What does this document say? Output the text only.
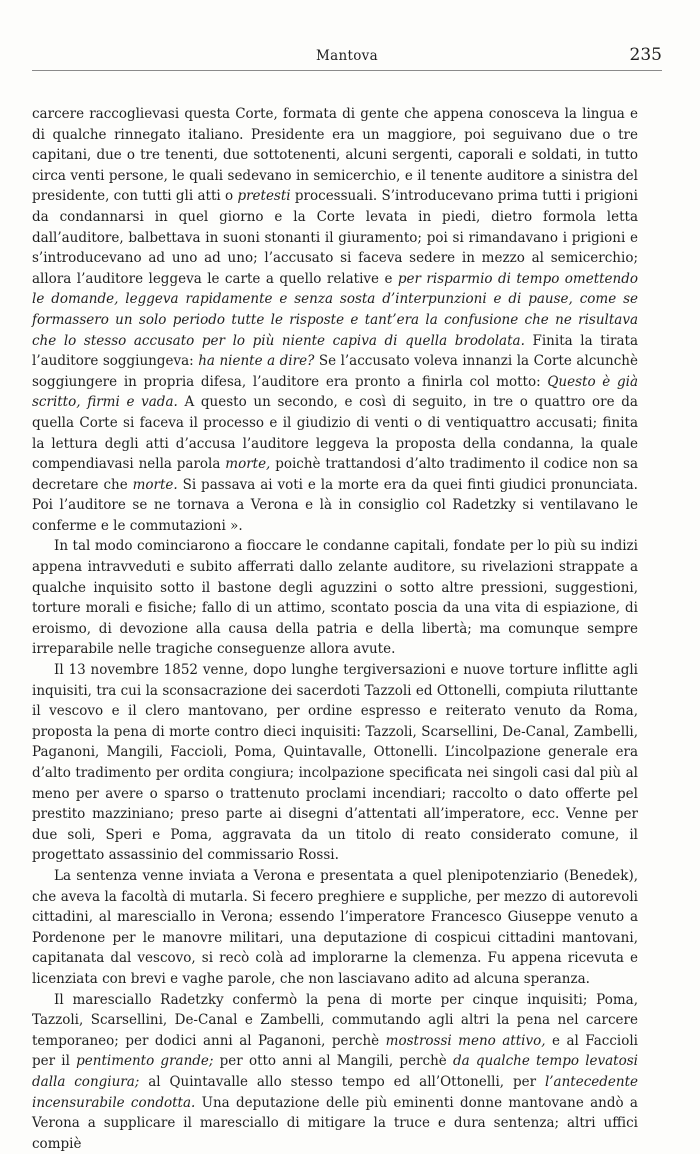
Mantova	235

carcere raccoglievasi questa Corte, formata di gente che appena conosceva la lingua e di qualche rinnegato italiano. Presidente era un maggiore, poi seguivano due o tre capitani, due o tre tenenti, due sottotenenti, alcuni sergenti, caporali e soldati, in tutto circa venti persone, le quali sedevano in semicerchio, e il tenente auditore a sinistra del presidente, con tutti gli atti o pretesti processuali. S’introducevano prima tutti i prigioni da condannarsi in quel giorno e la Corte levata in piedi, dietro formola letta dall’auditore, balbettava in suoni stonanti il giuramento; poi si rimandavano i prigioni e s’introducevano ad uno ad uno; l’accusato si faceva sedere in mezzo al semicerchio; allora l’auditore leggeva le carte a quello relative e per risparmio di tempo omettendo le domande, leggeva rapidamente e senza sosta d’interpunzioni e di pause, come se formassero un solo periodo tutte le risposte e tant’era la confusione che ne risultava che lo stesso accusato per lo più niente capiva di quella brodolata. Finita la tirata l’auditore soggiungeva: ha niente a dire? Se l’accusato voleva innanzi la Corte alcunchè soggiungere in propria difesa, l’auditore era pronto a finirla col motto: Questo è già scritto, firmi e vada. A questo un secondo, e così di seguito, in tre o quattro ore da quella Corte si faceva il processo e il giudizio di venti o di ventiquattro accusati; finita la lettura degli atti d’accusa l’auditore leggeva la proposta della condanna, la quale compendiavasi nella parola morte, poichè trattandosi d’alto tradimento il codice non sa decretare che morte. Si passava ai voti e la morte era da quei finti giudici pronunciata. Poi l’auditore se ne tornava a Verona e là in consiglio col Radetzky si ventilavano le conferme e le commutazioni ».

In tal modo cominciarono a fioccare le condanne capitali, fondate per lo più su indizi appena intravveduti e subito afferrati dallo zelante auditore, su rivelazioni strappate a qualche inquisito sotto il bastone degli aguzzini o sotto altre pressioni, suggestioni, torture morali e fisiche; fallo di un attimo, scontato poscia da una vita di espiazione, di eroismo, di devozione alla causa della patria e della libertà; ma comunque sempre irreparabile nelle tragiche conseguenze allora avute.

Il 13 novembre 1852 venne, dopo lunghe tergiversazioni e nuove torture inflitte agli inquisiti, tra cui la sconsacrazione dei sacerdoti Tazzoli ed Ottonelli, compiuta riluttante il vescovo e il clero mantovano, per ordine espresso e reiterato venuto da Roma, proposta la pena di morte contro dieci inquisiti: Tazzoli, Scarsellini, De-Canal, Zambelli, Paganoni, Mangili, Faccioli, Poma, Quintavalle, Ottonelli. L’incolpazione generale era d’alto tradimento per ordita congiura; incolpazione specificata nei singoli casi dal più al meno per avere o sparso o trattenuto proclami incendiari; raccolto o dato offerte pel prestito mazziniano; preso parte ai disegni d’attentati all’imperatore, ecc. Venne per due soli, Speri e Poma, aggravata da un titolo di reato considerato comune, il progettato assassinio del commissario Rossi.

La sentenza venne inviata a Verona e presentata a quel plenipotenziario (Benedek), che aveva la facoltà di mutarla. Si fecero preghiere e suppliche, per mezzo di autorevoli cittadini, al maresciallo in Verona; essendo l’imperatore Francesco Giuseppe venuto a Pordenone per le manovre militari, una deputazione di cospicui cittadini mantovani, capitanata dal vescovo, si recò colà ad implorarne la clemenza. Fu appena ricevuta e licenziata con brevi e vaghe parole, che non lasciavano adito ad alcuna speranza.

Il maresciallo Radetzky confermò la pena di morte per cinque inquisiti; Poma, Tazzoli, Scarsellini, De-Canal e Zambelli, commutando agli altri la pena nel carcere temporaneo; per dodici anni al Paganoni, perchè mostrossi meno attivo, e al Faccioli per il pentimento grande; per otto anni al Mangili, perchè da qualche tempo levatosi dalla congiura; al Quintavalle allo stesso tempo ed all’Ottonelli, per l’antecedente incensurabile condotta. Una deputazione delle più eminenti donne mantovane andò a Verona a supplicare il maresciallo di mitigare la truce e dura sentenza; altri uffici compiè
